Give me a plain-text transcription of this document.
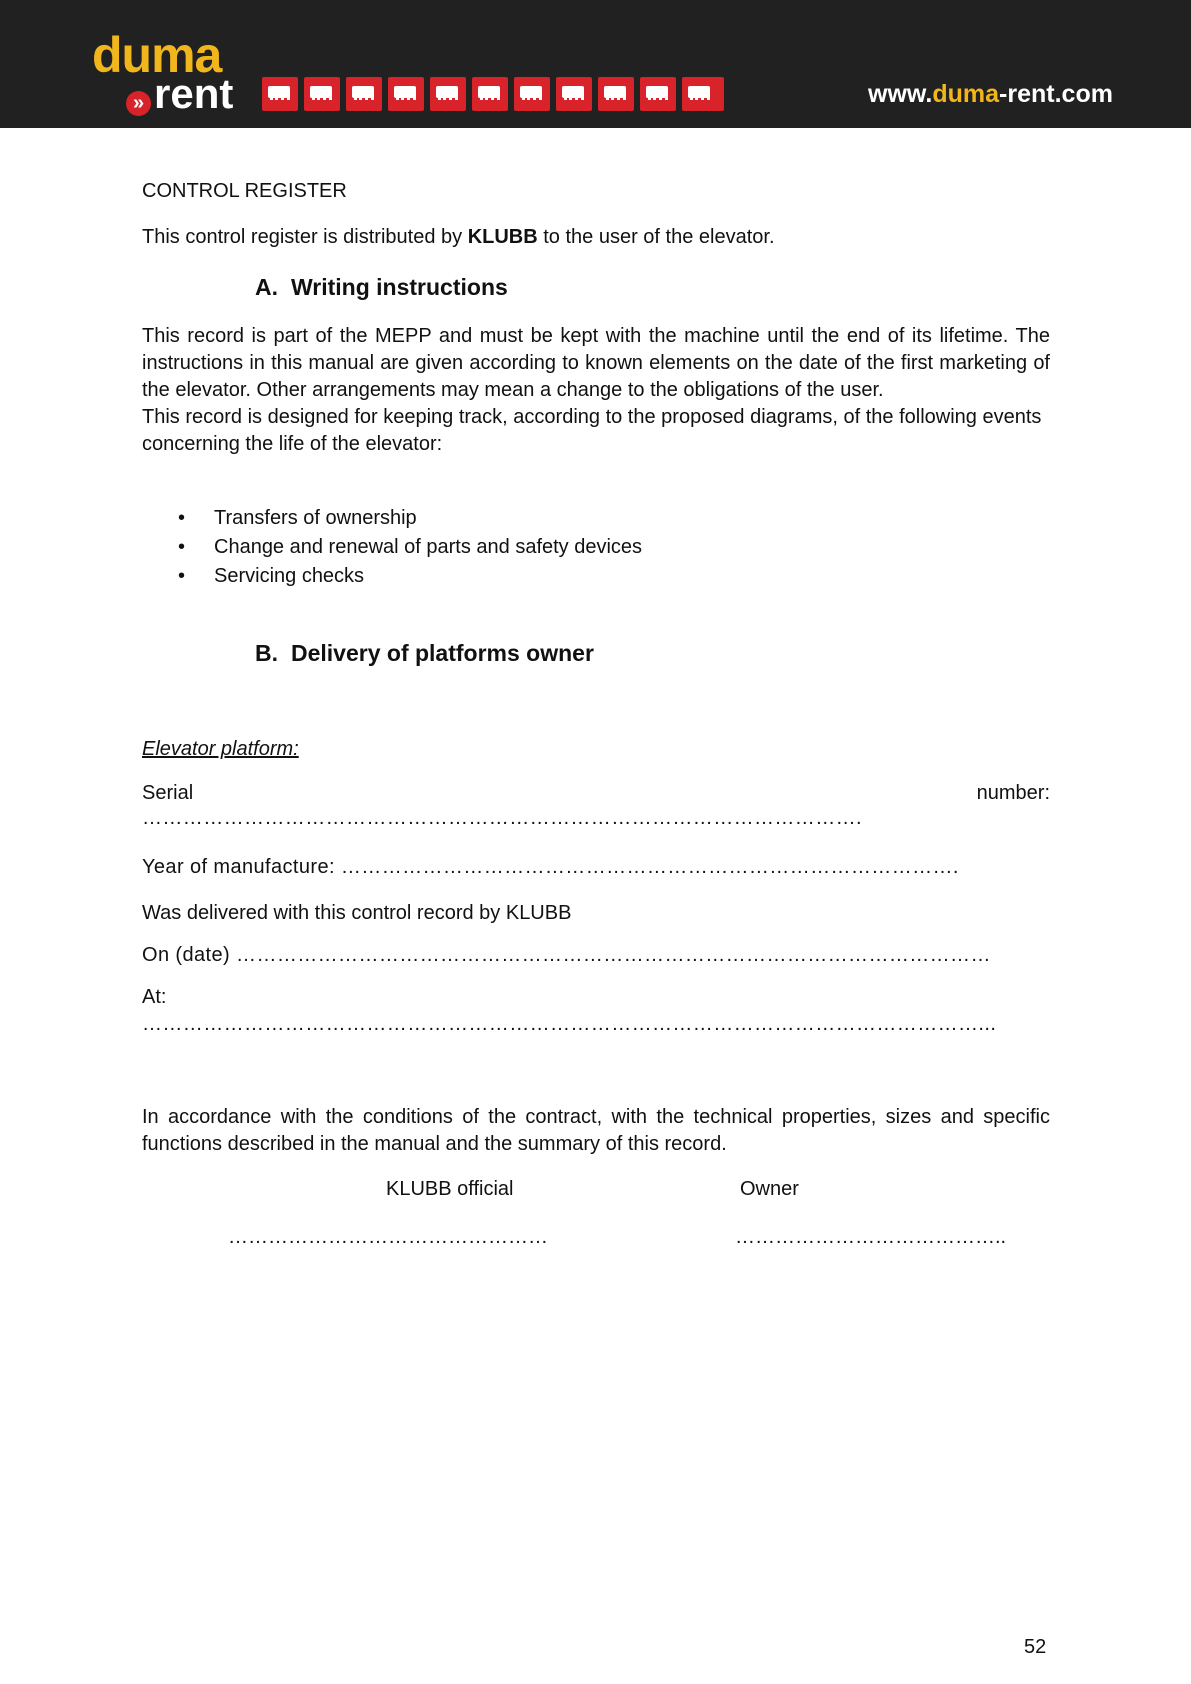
duma
» rent	www.duma-rent.com

CONTROL REGISTER

This control register is distributed by KLUBB to the user of the elevator.

A. Writing instructions

This record is part of the MEPP and must be kept with the machine until the end of its lifetime. The instructions in this manual are given according to known elements on the date of the first marketing of the elevator. Other arrangements may mean a change to the obligations of the user.

This record is designed for keeping track, according to the proposed diagrams, of the following events concerning the life of the elevator:

• Transfers of ownership
• Change and renewal of parts and safety devices
• Servicing checks
B. Delivery of platforms owner

Elevator platform:

Serial	number:

…………………………………………………………………………………………….

Year of manufacture: ……………………………………………………………………………….

Was delivered with this control record by KLUBB

On (date) …………………………………………………………………………………………………

At:

……………………………………………………………………………………………………………...

In accordance with the conditions of the contract, with the technical properties, sizes and specific functions described in the manual and the summary of this record.

KLUBB official	Owner
…………………………………………	…………………………………..
52
